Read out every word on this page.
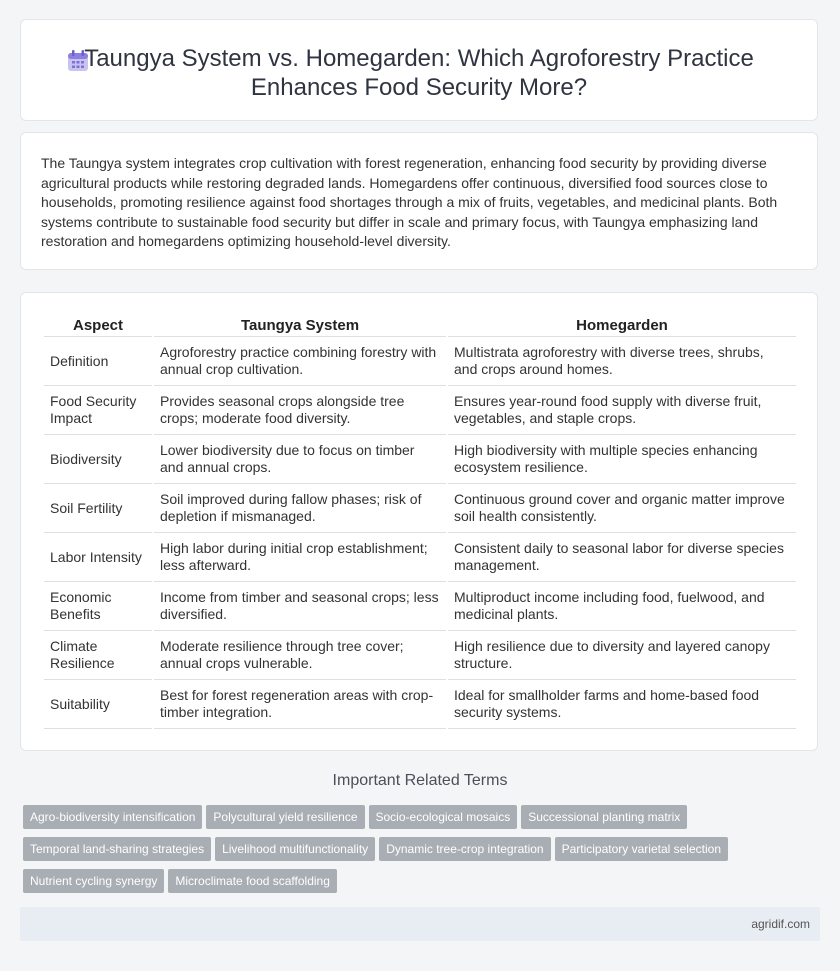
Taungya System vs. Homegarden: Which Agroforestry Practice
Enhances Food Security More?
The Taungya system integrates crop cultivation with forest regeneration, enhancing food security by providing diverse agricultural products while restoring degraded lands. Homegardens offer continuous, diversified food sources close to households, promoting resilience against food shortages through a mix of fruits, vegetables, and medicinal plants. Both systems contribute to sustainable food security but differ in scale and primary focus, with Taungya emphasizing land restoration and homegardens optimizing household-level diversity.
Aspect	Taungya System	Homegarden
Definition	Agroforestry practice combining forestry with annual crop cultivation.	Multistrata agroforestry with diverse trees, shrubs, and crops around homes.
Food Security Impact	Provides seasonal crops alongside tree crops; moderate food diversity.	Ensures year-round food supply with diverse fruit, vegetables, and staple crops.
Biodiversity	Lower biodiversity due to focus on timber and annual crops.	High biodiversity with multiple species enhancing ecosystem resilience.
Soil Fertility	Soil improved during fallow phases; risk of depletion if mismanaged.	Continuous ground cover and organic matter improve soil health consistently.
Labor Intensity	High labor during initial crop establishment; less afterward.	Consistent daily to seasonal labor for diverse species management.
Economic Benefits	Income from timber and seasonal crops; less diversified.	Multiproduct income including food, fuelwood, and medicinal plants.
Climate Resilience	Moderate resilience through tree cover; annual crops vulnerable.	High resilience due to diversity and layered canopy structure.
Suitability	Best for forest regeneration areas with crop-timber integration.	Ideal for smallholder farms and home-based food security systems.
Important Related Terms
Agro-biodiversity intensification Polycultural yield resilience Socio-ecological mosaics Successional planting matrixTemporal land-sharing strategies Livelihood multifunctionality Dynamic tree-crop integration Participatory varietal selectionNutrient cycling synergy Microclimate food scaffolding
agridif.com
